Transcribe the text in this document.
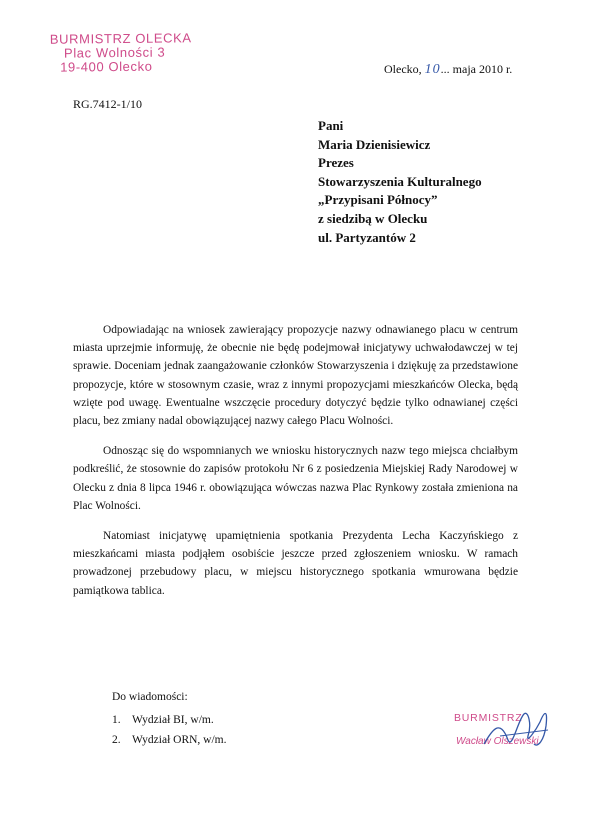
BURMISTRZ OLECKA
Plac Wolności 3
19-400 Olecko	Olecko, 10... maja 2010 r.
RG.7412-1/10
Pani
Maria Dzienisiewicz
Prezes
Stowarzyszenia Kulturalnego
„Przypisani Północy”
z siedzibą w Olecku
ul. Partyzantów 2

Odpowiadając na wniosek zawierający propozycje nazwy odnawianego placu w centrum miasta uprzejmie informuję, że obecnie nie będę podejmował inicjatywy uchwałodawczej w tej sprawie. Doceniam jednak zaangażowanie członków Stowarzyszenia i dziękuję za przedstawione propozycje, które w stosownym czasie, wraz z innymi propozycjami mieszkańców Olecka, będą wzięte pod uwagę. Ewentualne wszczęcie procedury dotyczyć będzie tylko odnawianej części placu, bez zmiany nadal obowiązującej nazwy całego Placu Wolności.

Odnosząc się do wspomnianych we wniosku historycznych nazw tego miejsca chciałbym podkreślić, że stosownie do zapisów protokołu Nr 6 z posiedzenia Miejskiej Rady Narodowej w Olecku z dnia 8 lipca 1946 r. obowiązująca wówczas nazwa Plac Rynkowy została zmieniona na Plac Wolności.

Natomiast inicjatywę upamiętnienia spotkania Prezydenta Lecha Kaczyńskiego z mieszkańcami miasta podjąłem osobiście jeszcze przed zgłoszeniem wniosku. W ramach prowadzonej przebudowy placu, w miejscu historycznego spotkania wmurowana będzie pamiątkowa tablica.

Do wiadomości:
1. Wydział BI, w/m.
2. Wydział ORN, w/m.
BURMISTRZ
Wacław Olszewski
